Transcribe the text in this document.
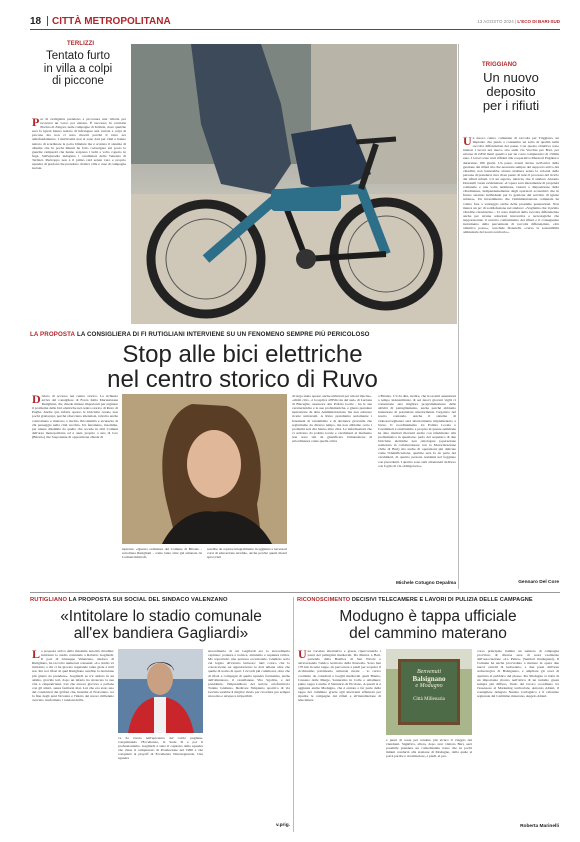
18 CITTÀ METROPOLITANA	13 AGOSTO 2024 | L'ECO DI BARI-SUD
TERLIZZI
Tentato furto
in villa a colpi
di piccone
Pur di svaligiarla prendono a picconare una villetta per ricavarsi un varco per entrare. È successo in contrada Piscina di Zingari, nelle campagne di Terlizzi, dove qualche sera fa ignoti hanno tentato di infrangere una vetrata a colpi di piccone ma non ci sono riusciti perché il vetro era antisfondamento. I malviventi non si sono dati per vinti e hanno tentato di scardinare la porta blindata ma è scattato il sistema di allarme che in pochi minuti ha fatto convergere sul posto le guardie campestri che hanno sorpreso i ladri a volto coperto in fuga. Sull'episodio indagano i carabinieri della Tenenza di Terlizzi. Purtroppo non è il primo raid serale vero e proprio squadre di predoni che prendono di mira ville e case di campagna isolate.
TRIGGIANO
Un nuovo
deposito
per i rifiuti
Un nuovo centro comunale di raccolta per Triggiano, un impianto che punta a consentire un salto di qualità nella raccolta differenziata del paese. Con questo obiettivo sono iniziati i lavori nel nuovo sito sulla via Vecchia per Bari, per un'area di 2.850 metri quadri e per un costo complessivo di 13mila euro. I lavori sono stati affidati alla cooperativa Muratori Pugliesi e dureranno 180 giorni. Un passo avanti deciso nell'ottica della gestione dei rifiuti ma che necessita sempre del supporto attivo dei cittadini, non basterebbe alcuna struttura senza la volontà delle persone di prendersi cura di un pezzo di tutto il processo del riciclo dei rifiuti urbani. C'è un aspetto, tuttavia, che il sindaco Antonio Donatelli vuole evidenziare: «L'opera sarà interamente di proprietà comunale e una volta terminata, resterà a disposizione della cittadinanza, indipendentemente dagli operatori economici che in futuro saranno individuati per la gestione del servizio di igiene urbana». Un investimento che l'amministrazione comunale ha voluto fare a vantaggio anche delle prossime generazioni. Non manca un po' di soddisfazione nel sindaco: «Vogliamo che il primo cittadino riassicurino... Ci sono risultati della raccolta differenziata anche per alcune soluzioni innovative e tecnologiche che supporteranno il corretto conferimento dei rifiuti e il conseguente incremento della percentuale di raccolta differenziata. «Un obiettivo posso», conclude Donatelli, «verso la sostenibilità ambientale del nostro territorio».
Gennaro Del Core
LA PROPOSTA LA CONSIGLIERA DI FI RUTIGLIANI INTERVIENE SU UN FENOMENO SEMPRE PIÙ PERICOLOSO
Stop alle bici elettriche
nel centro storico di Ruvo
Divieto di accesso nel centro storico. La richiesta arriva dal consigliere di Forza Italia Mariastizana Rutigliani, che chiede misure importanti per arginare il problema delle bici elettriche nel centro storico di Ruvo di Puglia. Anche qui, infatti, spesso le biciclette creano non pochi grattacapi, perché sfrecciano silenziosi, talvolta anche contromano e mettono a rischio l'incolumità e sicurezza di chi passeggia nella città vecchia. Un fenomeno, insomma, per niente dissimile da quello che accade in altri Comuni dell'area metropolitana ed è anzi, proprio a uno di loro (Bitonto) che l'esponente di opposizione chiede di
ispirarsi. «Questa ordinanza del Comune di Bitonto - sottolinea Rutigliani - come tante altre già emanate da Comuni limitrofi,
sarebbe da copiare integralmente in aggiunta a necessari corsi di educazione stradale, anche perché questi mezzi sprovvisti
di targa siano spesso anche utilizzati per azioni illecite». «Ormi citto - è la replica all'Edicola del sud» di Luciana di Bisceglie, assessore alla Polizia locale - ha le sue caratteristiche e le sue problematiche, e giusto prendere ispirazione da altre Amministrazioni, ma non esistono ricette universali. A Ruvo prendiamo seriamente i fenomeni di vandalismo e di devianza giovanile che registriamo da diverso tempo, ma non abbiamo certo i problemi seri che hanno altre città. Le informazioni che ci arrivano da polizia locale e carabinieri al momento non sono tali da giustificare l'emanazione di un'ordinanza come quella attiva
a Bitonto. C'è da dire, inoltre, che le recenti assunzioni a tempo indeterminato di sei nuovi giovani vigili ci consentono una migliore programmazione delle attività di pattugliamento, anche perché abbiamo intenzione di potenziare ulteriormente l'organico del nostro comando. Anche il sistema di videosorveglianza sarà ulteriormente implementato a breve. Il coordinamento tra Polizia Locale e Carabinieri è strettissimo e proprio in queste settimane ha dato risultati rilevanti anche con riferimento alla problematica in questione: parlo del sequestro di due biciclette elettriche non omologate (operazione realizzata in collaborazione con la Motorizzazione civile di Bari) ma anche di operazioni più delicate come l'identificazione, qualche sera fa da parte dei carabinieri, di quattro persone residenti nel foggiano con precedenti. I quattro sono stati allontanati da Ruvo con foglio di via obbligatorio».
Michele Cotugno Depalma
RUTIGLIANO LA PROPOSTA SUI SOCIAL DEL SINDACO VALENZANO
«Intitolare lo stadio comunale
all'ex bandiera Gagliardi»
La proposta arriva dalla massima autorità cittadina: intitolare lo stadio comunale a Roberto Gagliardi. Il post di Giuseppe Valenzano, sindaco di Rutigliano, ha raccolto numerosi consensi: «Lo stadio va intitolato a chi ci ha giocato regalando tante gioie a tutti noi. Per noi tifosi di quel Rutigliano sarebbe la decisione più giusta da prendere». Gagliardi se n'è andato in un attimo, gravido ieri, dopo un infarto ha stroncato la sua vita a cinquant'anni. Lui che ancora giovava a pallone con gli amici, senza fermarsi mai. Lui che era stato uno dei condottieri dei grifoni che, insieme al Noicattaro, tra la fine degli anni Novanta e l'inizio del nuovo millennio avevano trasformato i tondoni dell'u-
va da tavola nell'epicentro del calcio pugliese, conquistando l'Eccellenza, la Serie D e poi il professionismo. Gagliardi è stato il capitano della squadra che vinse il campionato di Promozione nel 1996 e che conquistò ai playoff di Eccellenza l'interregionale. Una squadra
straordinaria di cui Gagliardi era lo straordinario capitano: potenza e tecnica, altruismo e sapienza tattica. Ma soprattutto una persona eccezionale. Giudizio sotto cui legato all'evento luttuoso: tutti coloro che lo conoscevano ne apprezzavano le doti umane oltre che quelle di uomo di sport. I ricordi più commossi, oltre che di tifosi e compagni di quella squadra fortissima, anche dell'allenatore, il castellanese Vito Sgobba, e del presidente, l'imprenditore del settore ortofrutticolo Tonino Giuliano. Dedicare l'impianto sportivo di via Gorizia sarebbe il miglior modo per ricordare per sempre un uomo e un'epoca irripetibili.
v.prig.
RICONOSCIMENTO DECISIVI TELECAMERE E LAVORI DI PULIZIA DELLE CAMPAGNE
Modugno è tappa ufficiale
del cammino materano
Una vacanza alternativa e green, ripercorrendo i passi dei pellegrini medievali. Da Matera a Bari, partendo dalla Basilica di San Nicola e attraversando l'antico territorio della Peucezia. Sono ben 170 km in sette tappe, da percorrere a piedi per scoprire il ricchissimo patrimonio culturale rurale - lo carico costituito da cattedrali e borghi medievali quali Bitetto, Cassano delle Murge, Santeramo in Colle e Altamura; punto tappa è anche il Santuario di Picciano. A questi si è aggiunta anche Modugno, che è entrata a far parte delle tappe del cammino grazie agli interventi effettuati per ripulire le campagne dai rifiuti e all'installazione di telecamere
Benvenuti
Balsignano
e Modugno
Città Millenaria
e punti di sosta per rendere più sicuro il viaggio dei viandanti. Significa, allora, dopo aver visitato Bari, sarà possibile prendere un comodissimo treno che in pochi minuti condurrà alla stazione di Modugno, dalla quale si potrà partire e ricominciare, a piedi, al per-
corso principale tramite un sentiero di campagna provvisto di diverse aree di sosta realizzate dall'associazione «La Pietra» (Sentieri modugnesi). Il Comune ha anche provveduto a mettere in opera due nuovi cartelli di benvenuto, a due passi dall'area archeologica di Balsignano, e ampliare gli orari di apertura al pubblico del plesso. Per Modugno si tratta di un importante ritorno nell'ottica di un turismo green sempre più diffuso, frutto del lavoro coordinato tra l'assessore al Marketing territoriale, Antonio Altieri, il consigliere delegato Nunzio Carlagnico e il referente regionale del Cammino materano, Angelo Altieri.
Roberta Marinelli
